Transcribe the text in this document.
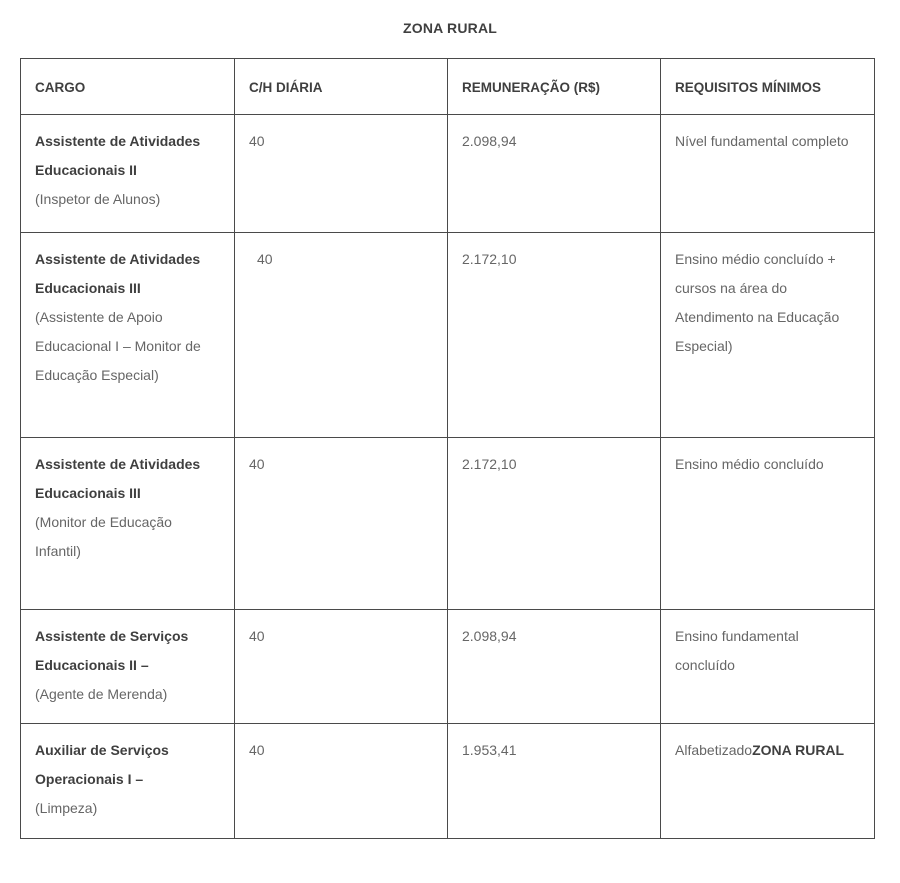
ZONA RURAL
CARGO	C/H DIÁRIA	REMUNERAÇÃO (R$)	REQUISITOS MÍNIMOS

Assistente de Atividades Educacionais II
(Inspetor de Alunos)	40	2.098,94	Nível fundamental completo

Assistente de Atividades Educacionais III
(Assistente de Apoio Educacional I – Monitor de Educação Especial)	40	2.172,10	Ensino médio concluído + cursos na área do Atendimento na Educação Especial)

Assistente de Atividades Educacionais III
(Monitor de Educação Infantil)	40	2.172,10	Ensino médio concluído

Assistente de Serviços Educacionais II –
(Agente de Merenda)	40	2.098,94	Ensino fundamental concluído

Auxiliar de Serviços Operacionais I –
(Limpeza)	40	1.953,41	AlfabetizadoZONA RURAL
